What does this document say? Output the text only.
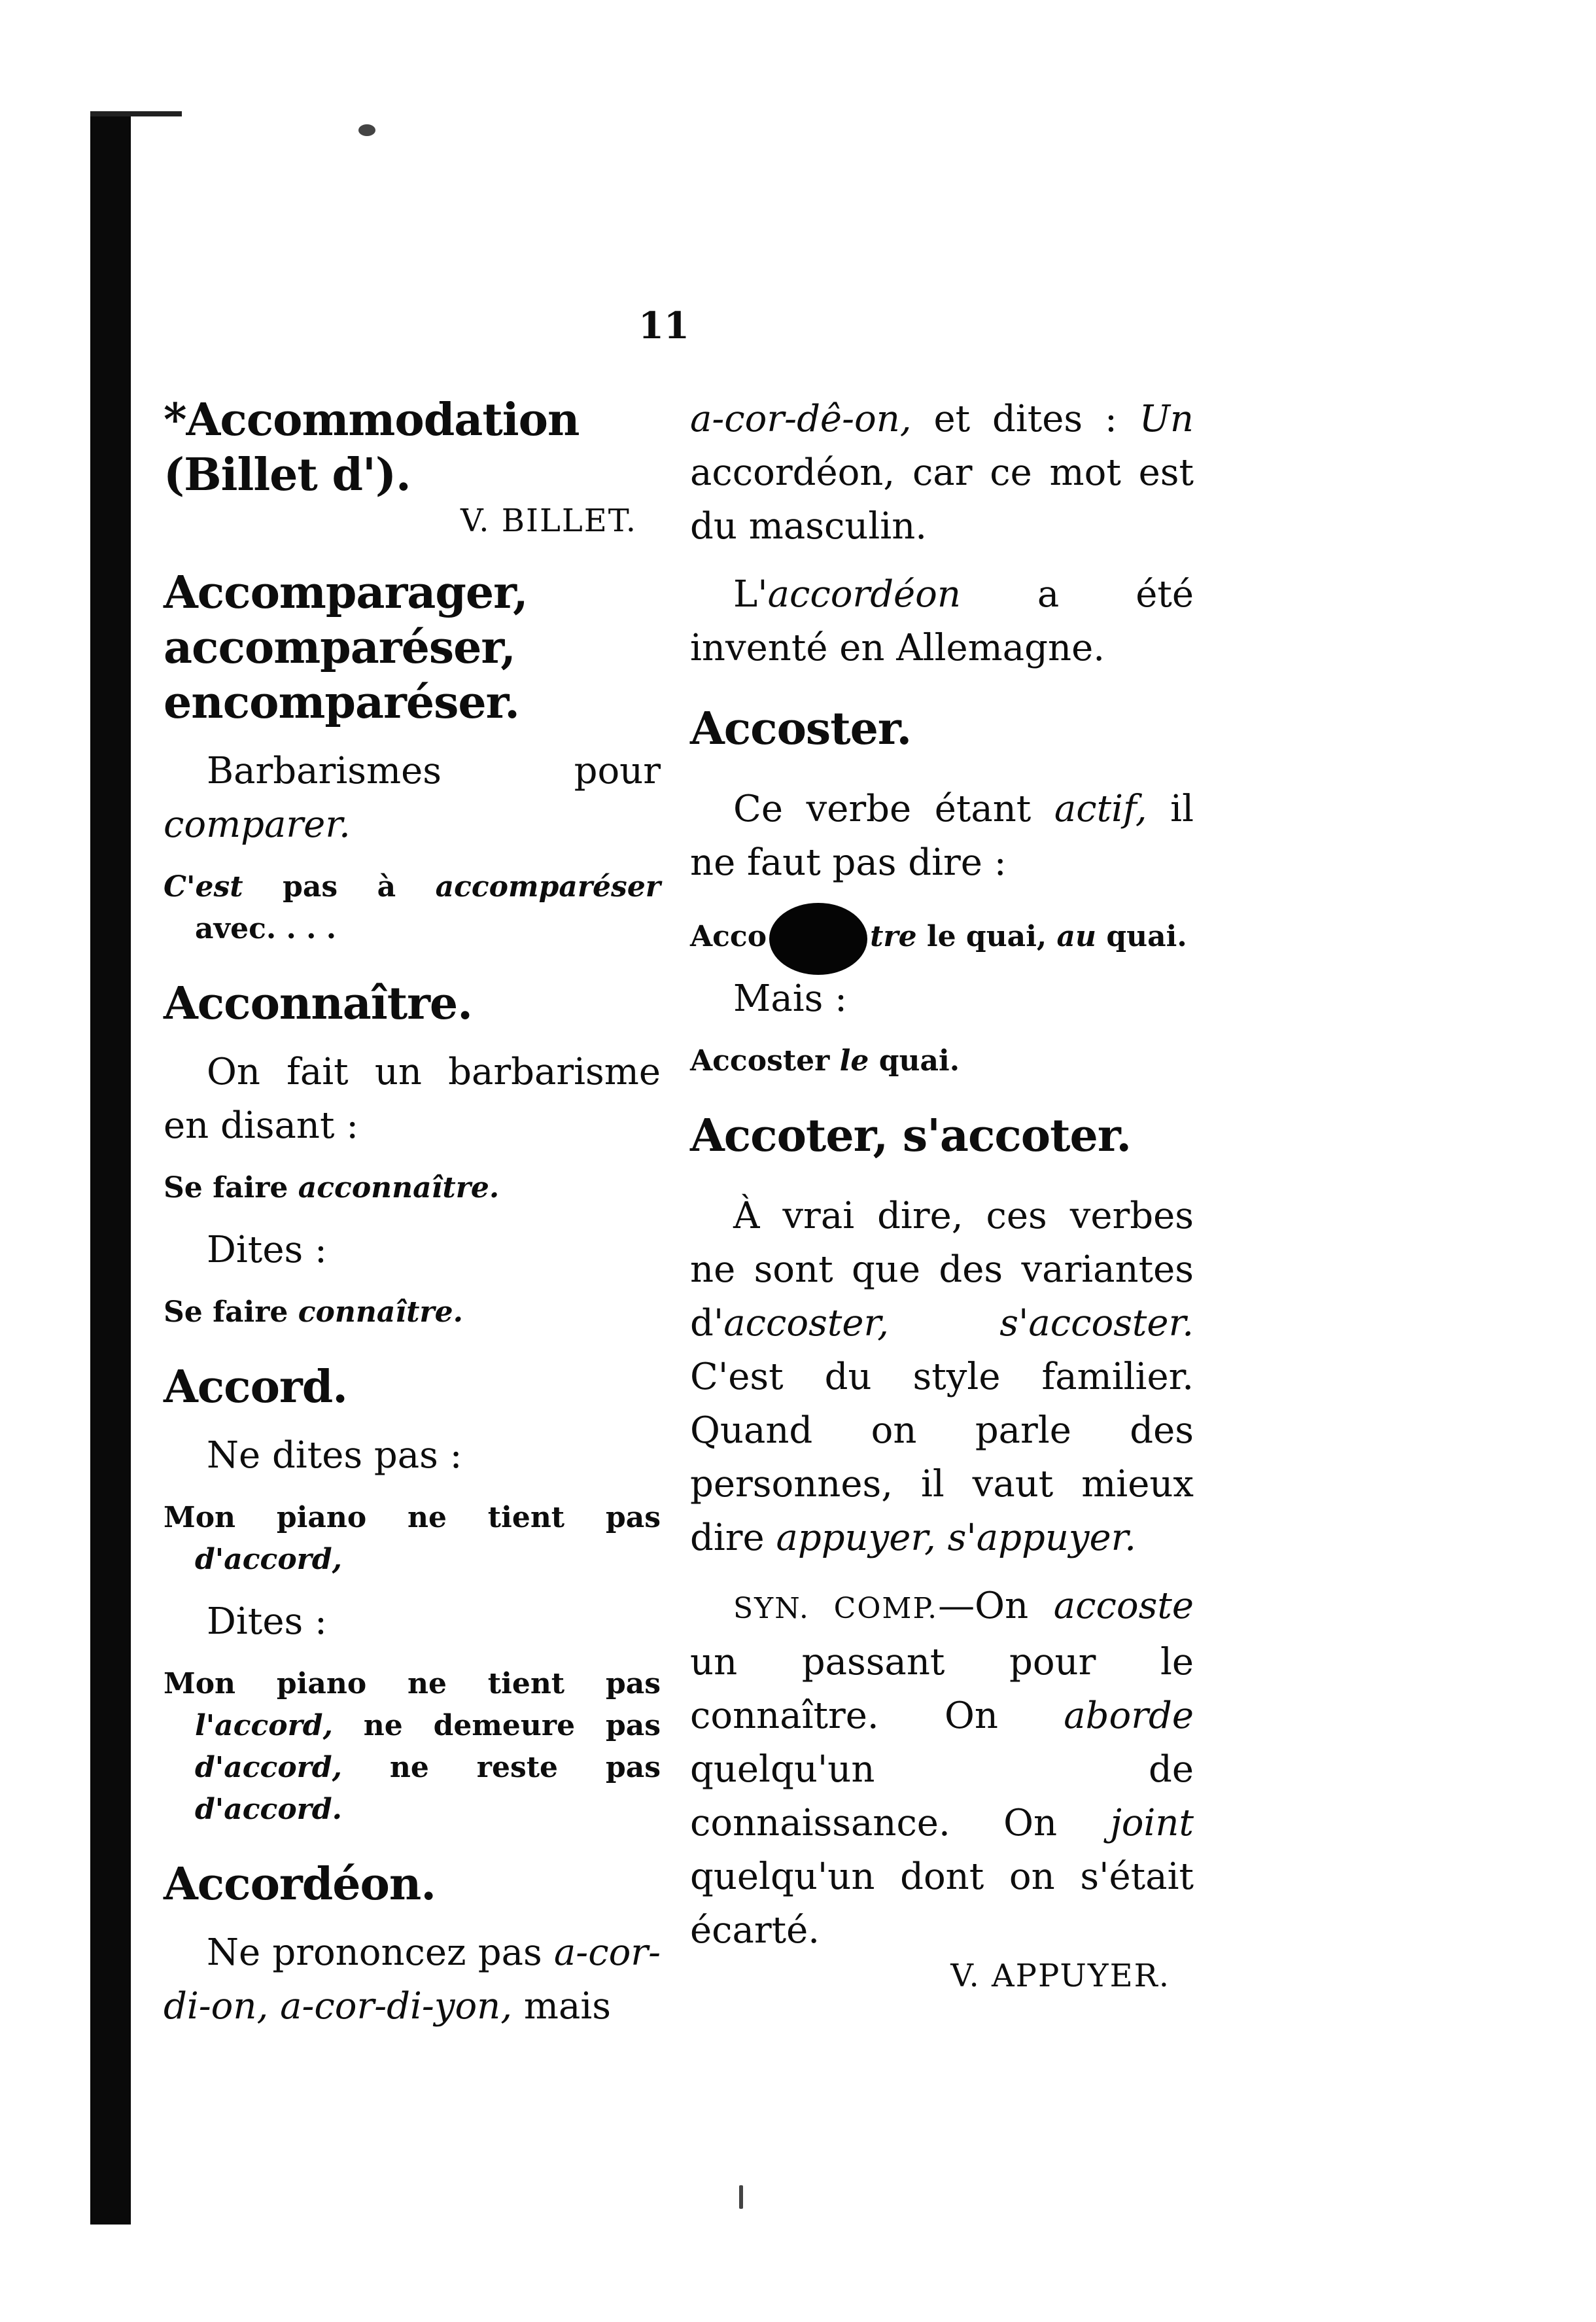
11
*Accommodation (Billet d').

V. BILLET.

Accomparager, accomparéser, encomparéser.

Barbarismes pour comparer.

C'est pas à accomparéser avec. . . .

Acconnaître.

On fait un barbarisme en disant :

Se faire acconnaître.

Dites :

Se faire connaître.

Accord.

Ne dites pas :

Mon piano ne tient pas d'accord,

Dites :

Mon piano ne tient pas l'accord, ne demeure pas d'accord, ne reste pas d'accord.

Accordéon.

Ne prononcez pas a-cor-di-on, a-cor-di-yon, mais

a-cor-dê-on, et dites : Un accordéon, car ce mot est du masculin.

L'accordéon a été inventé en Allemagne.

Accoster.

Ce verbe étant actif, il ne faut pas dire :

Acco	tre le quai, au quai.

Mais :

Accoster le quai.

Accoter, s'accoter.

À vrai dire, ces verbes ne sont que des variantes d'accoster, s'accoster. C'est du style familier. Quand on parle des personnes, il vaut mieux dire appuyer, s'appuyer.

SYN. COMP.—On accoste un passant pour le connaître. On aborde quelqu'un de connaissance. On joint quelqu'un dont on s'était écarté.

V. APPUYER.
